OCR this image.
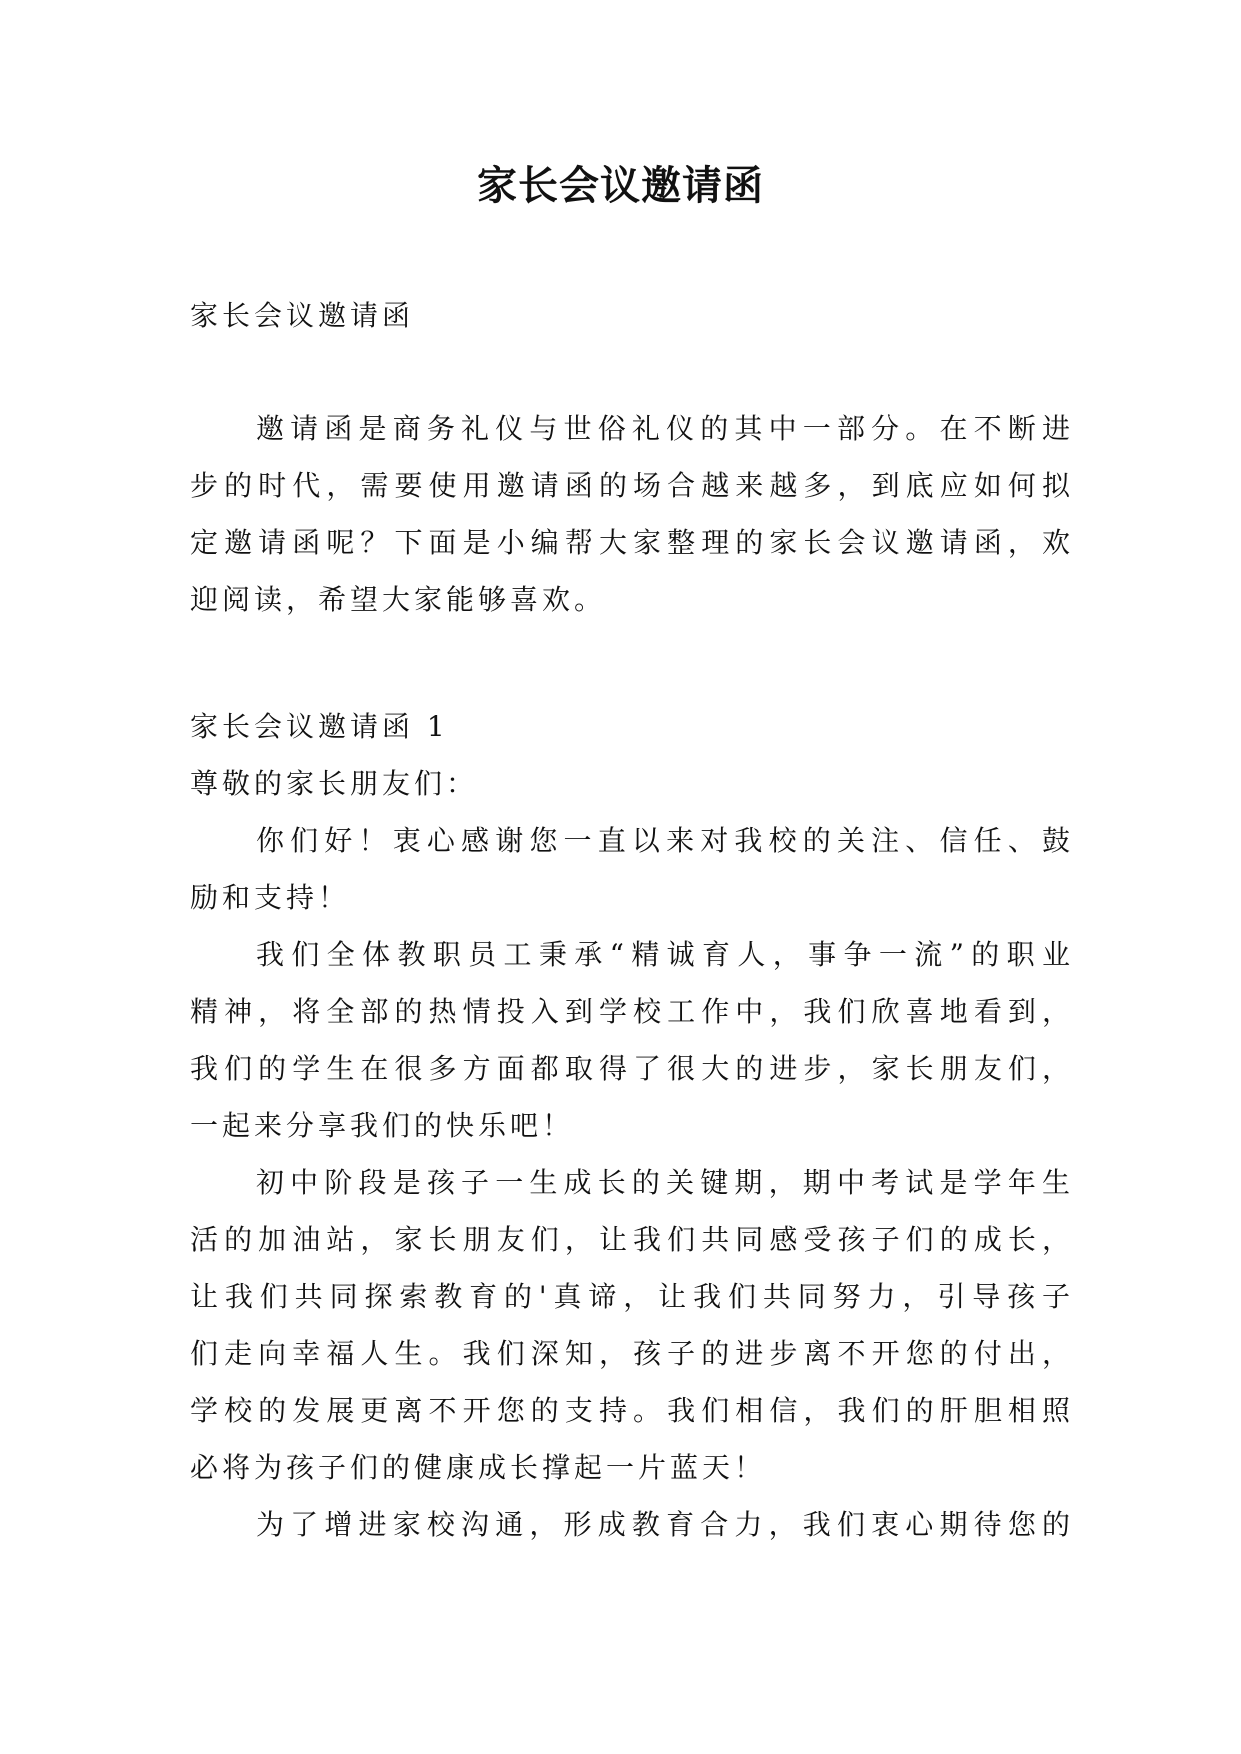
家长会议邀请函
家长会议邀请函
邀请函是商务礼仪与世俗礼仪的其中一部分。在不断进
步的时代，需要使用邀请函的场合越来越多，到底应如何拟
定邀请函呢？下面是小编帮大家整理的家长会议邀请函，欢
迎阅读，希望大家能够喜欢。
家长会议邀请函 1
尊敬的家长朋友们：
你们好！衷心感谢您一直以来对我校的关注、信任、鼓
励和支持！
我们全体教职员工秉承“精诚育人，事争一流”的职业
精神，将全部的热情投入到学校工作中，我们欣喜地看到，
我们的学生在很多方面都取得了很大的进步，家长朋友们，
一起来分享我们的快乐吧！
初中阶段是孩子一生成长的关键期，期中考试是学年生
活的加油站，家长朋友们，让我们共同感受孩子们的成长，
让我们共同探索教育的'真谛，让我们共同努力，引导孩子
们走向幸福人生。我们深知，孩子的进步离不开您的付出，
学校的发展更离不开您的支持。我们相信，我们的肝胆相照
必将为孩子们的健康成长撑起一片蓝天！
为了增进家校沟通，形成教育合力，我们衷心期待您的
